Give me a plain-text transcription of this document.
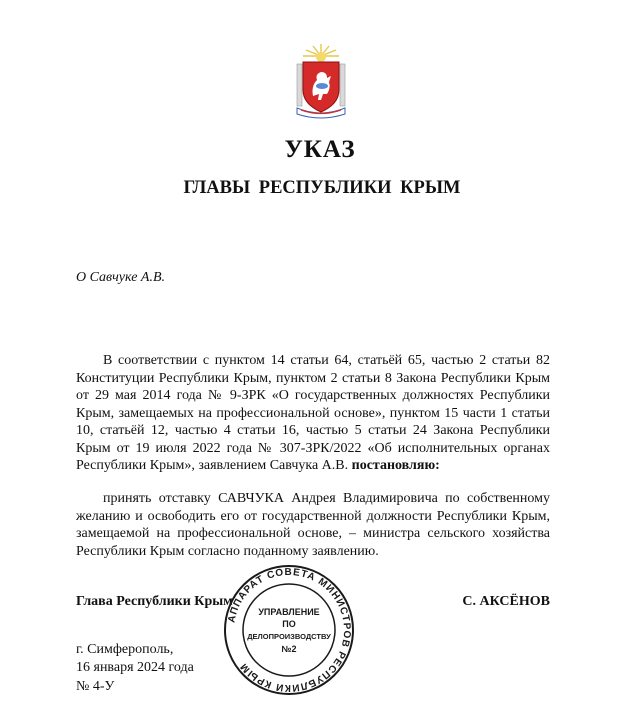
УКАЗ
ГЛАВЫ РЕСПУБЛИКИ КРЫМ
О Савчуке А.В.
В соответствии с пунктом 14 статьи 64, статьёй 65, частью 2 статьи 82 Конституции Республики Крым, пунктом 2 статьи 8 Закона Республики Крым от 29 мая 2014 года № 9-ЗРК «О государственных должностях Республики Крым, замещаемых на профессиональной основе», пунктом 15 части 1 статьи 10, статьёй 12, частью 4 статьи 16, частью 5 статьи 24 Закона Республики Крым от 19 июля 2022 года № 307-ЗРК/2022 «Об исполнительных органах Республики Крым», заявлением Савчука А.В. постановляю:
принять отставку САВЧУКА Андрея Владимировича по собственному желанию и освободить его от государственной должности Республики Крым, замещаемой на профессиональной основе, – министра сельского хозяйства Республики Крым согласно поданному заявлению.
Глава Республики Крым	С. АКСЁНОВ
г. Симферополь,
16 января 2024 года
№ 4-У
АППАРАТ СОВЕТА МИНИСТРОВ РЕСПУБЛИКИ КРЫМ
УПРАВЛЕНИЕ
ПО
ДЕЛОПРОИЗВОДСТВУ
№2
